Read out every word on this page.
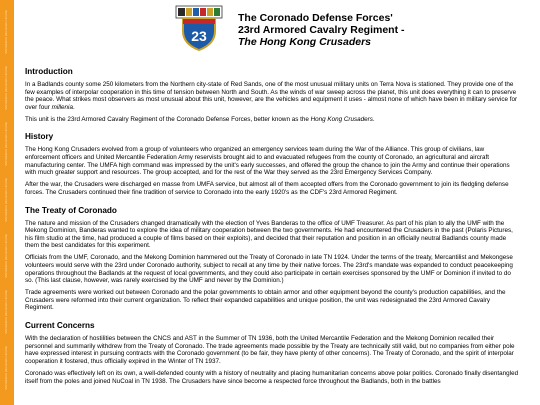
BANDERAS DELGADO HOUSE
BANDERAS DELGADO HOUSE
BANDERAS DELGADO HOUSE
BANDERAS DELGADO HOUSE
BANDERAS DELGADO HOUSE
BANDERAS DELGADO HOUSE
BANDERAS DELGADO HOUSE
23
The Coronado Defense Forces'
23rd Armored Cavalry Regiment -
The Hong Kong Crusaders
Introduction

In a Badlands county some 250 kilometers from the Northern city-state of Red Sands, one of the most unusual military units on Terra Nova is stationed. They provide one of the few examples of interpolar cooperation in this time of tension between North and South. As the winds of war sweep across the planet, this unit does everything it can to preserve the peace. What strikes most observers as most unusual about this unit, however, are the vehicles and equipment it uses - almost none of which have been in military service for over four millenia.

This unit is the 23rd Armored Cavalry Regiment of the Coronado Defense Forces, better known as the Hong Kong Crusaders.

History

The Hong Kong Crusaders evolved from a group of volunteers who organized an emergency services team during the War of the Alliance. This group of civilians, law enforcement officers and United Mercantile Federation Army reservists brought aid to and evacuated refugees from the county of Coronado, an agricultural and aircraft manufacturing center. The UMFA high command was impressed by the unit's early successes, and offered the group the chance to join the Army and continue their operations with much greater support and resources. The group accepted, and for the rest of the War they served as the 23rd Emergency Services Company.

After the war, the Crusaders were discharged en masse from UMFA service, but almost all of them accepted offers from the Coronado government to join its fledgling defense forces. The Crusaders continued their fine tradition of service to Coronado into the early 1920's as the CDF's 23rd Armored Regiment.

The Treaty of Coronado

The nature and mission of the Crusaders changed dramatically with the election of Yves Banderas to the office of UMF Treasurer. As part of his plan to ally the UMF with the Mekong Dominion, Banderas wanted to explore the idea of military cooperation between the two governments. He had encountered the Crusaders in the past (Polaris Pictures, his film studio at the time, had produced a couple of films based on their exploits), and decided that their reputation and position in an officially neutral Badlands county made them the best candidates for this experiment.

Officials from the UMF, Coronado, and the Mekong Dominion hammered out the Treaty of Coronado in late TN 1924. Under the terms of the treaty, Mercantilist and Mekongese volunteers would serve with the 23rd under Coronado authority, subject to recall at any time by their native forces. The 23rd's mandate was expanded to conduct peacekeeping operations throughout the Badlands at the request of local governments, and they could also participate in certain exercises sponsored by the UMF or Dominion if invited to do so. (This last clause, however, was rarely exercised by the UMF and never by the Dominion.)

Trade agreements were worked out between Coronado and the polar governments to obtain armor and other equipment beyond the county's production capabilities, and the Crusaders were reformed into their current organization. To reflect their expanded capabilities and unique position, the unit was redesignated the 23rd Armored Cavalry Regiment.

Current Concerns

With the declaration of hostilities between the CNCS and AST in the Summer of TN 1936, both the United Mercantile Federation and the Mekong Dominion recalled their personnel and summarily withdrew from the Treaty of Coronado. The trade agreements made possible by the Treaty are technically still valid, but no companies from either pole have expressed interest in pursuing contracts with the Coronado government (to be fair, they have plenty of other concerns). The Treaty of Coronado, and the spirit of interpolar cooperation it fostered, thus officially expired in the Winter of TN 1937.

Coronado was effectively left on its own, a well-defended county with a history of neutrality and placing humanitarian concerns above polar politics. Coronado finally disentangled itself from the poles and joined NuCoal in TN 1938. The Crusaders have since become a respected force throughout the Badlands, both in the battles
